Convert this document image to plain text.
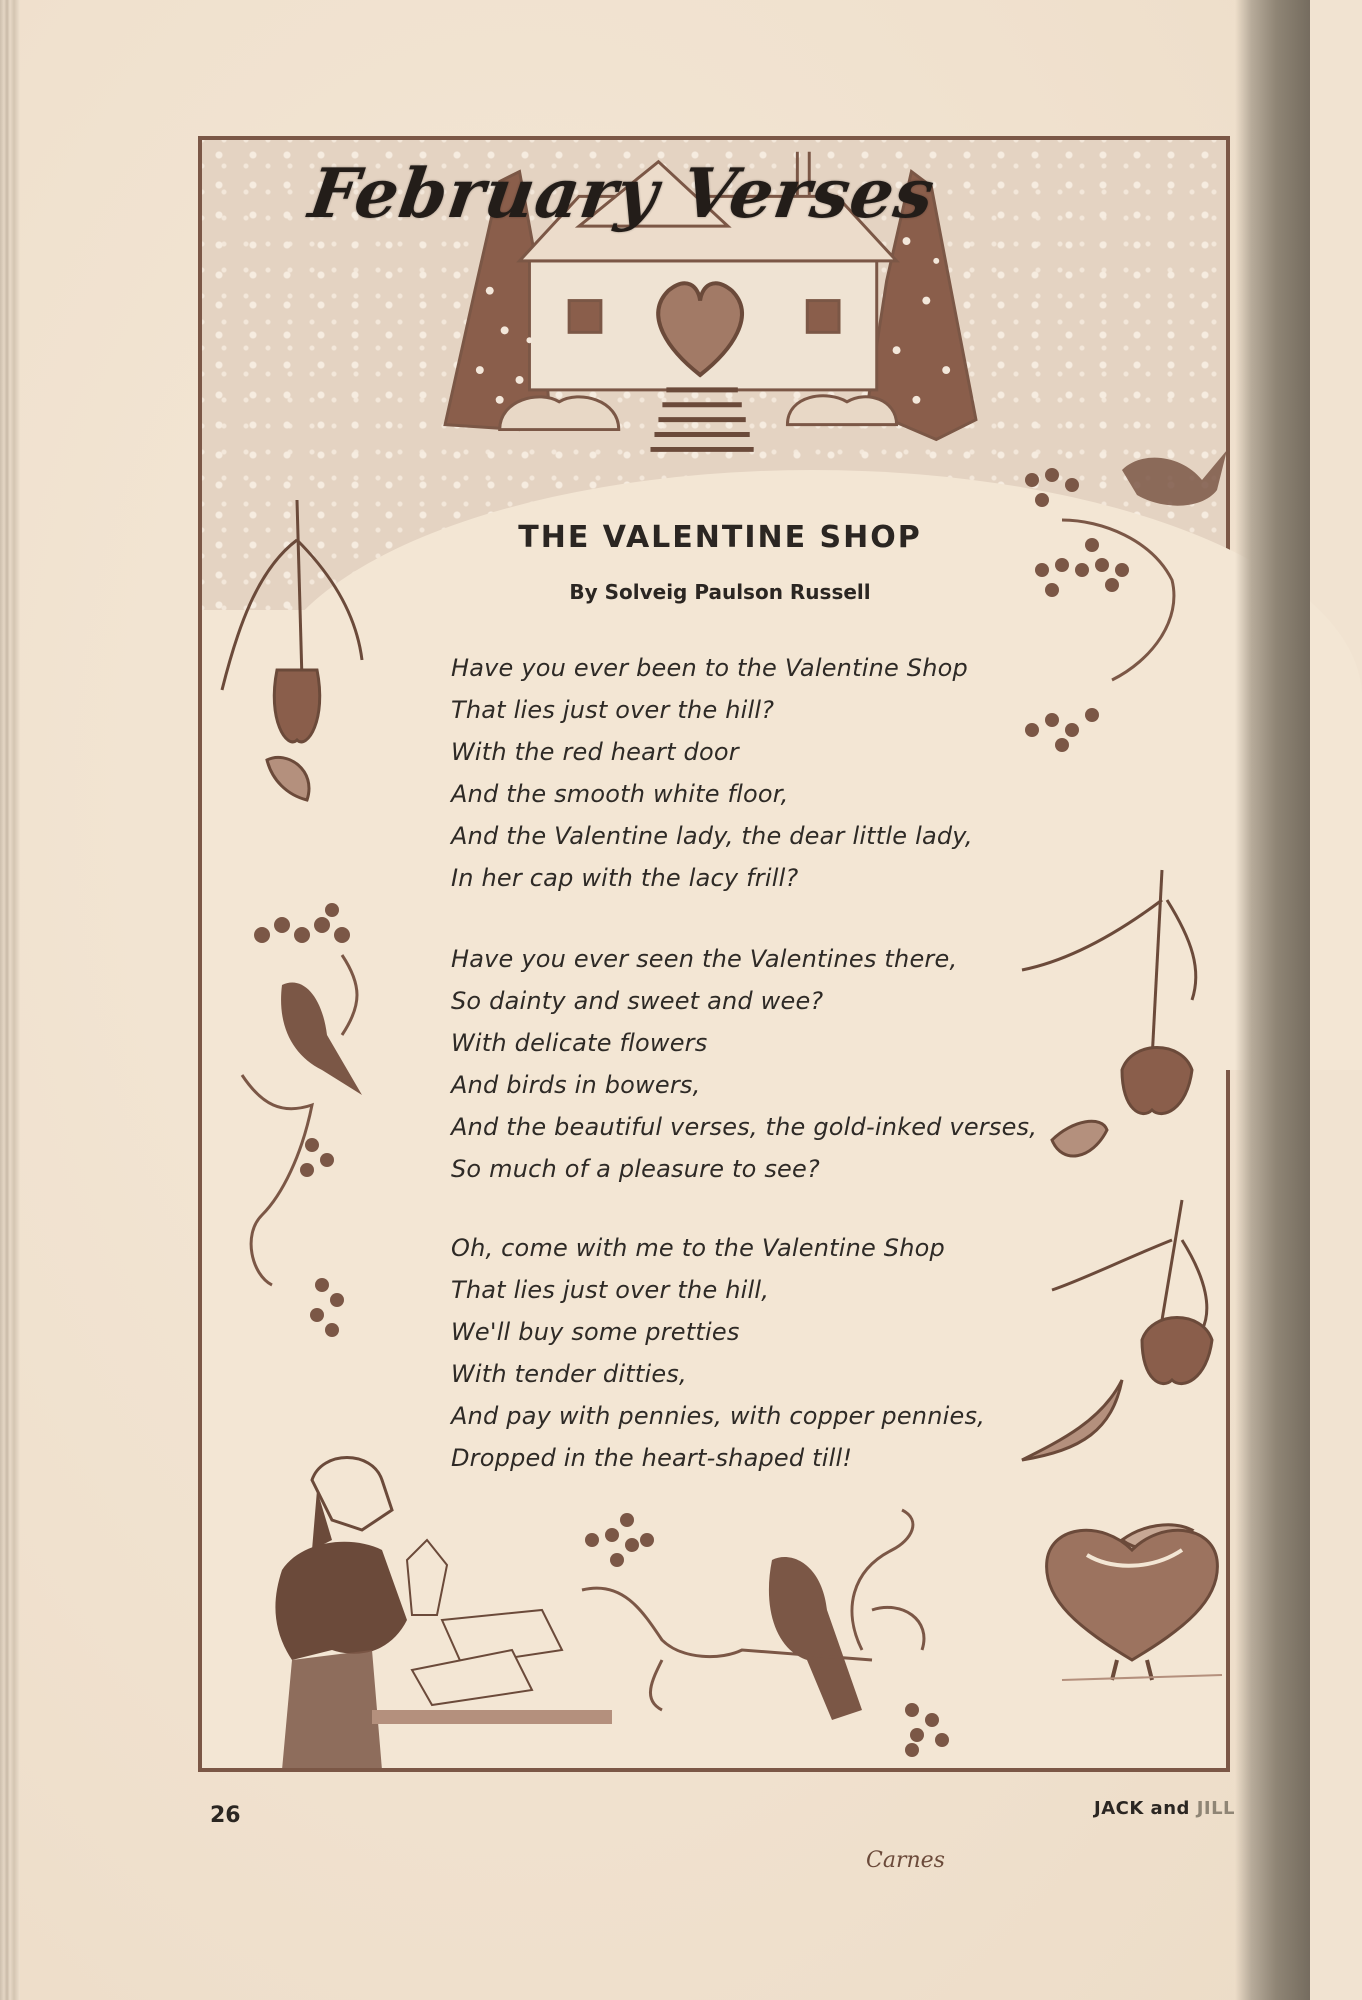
Carnes
February Verses
THE VALENTINE SHOP
By Solveig Paulson Russell
Have you ever been to the Valentine Shop
That lies just over the hill?
With the red heart door
And the smooth white floor,
And the Valentine lady, the dear little lady,
In her cap with the lacy frill?
Have you ever seen the Valentines there,
So dainty and sweet and wee?
With delicate flowers
And birds in bowers,
And the beautiful verses, the gold-inked verses,
So much of a pleasure to see?
Oh, come with me to the Valentine Shop
That lies just over the hill,
We'll buy some pretties
With tender ditties,
And pay with pennies, with copper pennies,
Dropped in the heart-shaped till!
26	JACK and JILL
